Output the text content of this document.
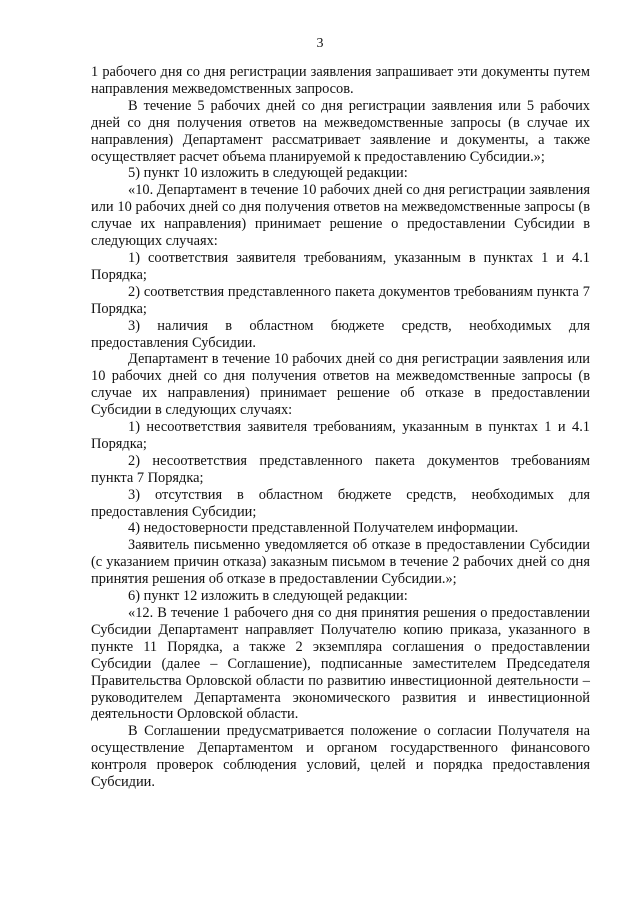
3

1 рабочего дня со дня регистрации заявления запрашивает эти документы путем направления межведомственных запросов.

В течение 5 рабочих дней со дня регистрации заявления или 5 рабочих дней со дня получения ответов на межведомственные запросы (в случае их направления) Департамент рассматривает заявление и документы, а также осуществляет расчет объема планируемой к предоставлению Субсидии.»;

5) пункт 10 изложить в следующей редакции:

«10. Департамент в течение 10 рабочих дней со дня регистрации заявления или 10 рабочих дней со дня получения ответов на межведомственные запросы (в случае их направления) принимает решение о предоставлении Субсидии в следующих случаях:

1) соответствия заявителя требованиям, указанным в пунктах 1 и 4.1 Порядка;

2) соответствия представленного пакета документов требованиям пункта 7 Порядка;

3) наличия в областном бюджете средств, необходимых для предоставления Субсидии.

Департамент в течение 10 рабочих дней со дня регистрации заявления или 10 рабочих дней со дня получения ответов на межведомственные запросы (в случае их направления) принимает решение об отказе в предоставлении Субсидии в следующих случаях:

1) несоответствия заявителя требованиям, указанным в пунктах 1 и 4.1 Порядка;

2) несоответствия представленного пакета документов требованиям пункта 7 Порядка;

3) отсутствия в областном бюджете средств, необходимых для предоставления Субсидии;

4) недостоверности представленной Получателем информации.

Заявитель письменно уведомляется об отказе в предоставлении Субсидии (с указанием причин отказа) заказным письмом в течение 2 рабочих дней со дня принятия решения об отказе в предоставлении Субсидии.»;

6) пункт 12 изложить в следующей редакции:

«12. В течение 1 рабочего дня со дня принятия решения о предоставлении Субсидии Департамент направляет Получателю копию приказа, указанного в пункте 11 Порядка, а также 2 экземпляра соглашения о предоставлении Субсидии (далее – Соглашение), подписанные заместителем Председателя Правительства Орловской области по развитию инвестиционной деятельности – руководителем Департамента экономического развития и инвестиционной деятельности Орловской области.

В Соглашении предусматривается положение о согласии Получателя на осуществление Департаментом и органом государственного финансового контроля проверок соблюдения условий, целей и порядка предоставления Субсидии.
